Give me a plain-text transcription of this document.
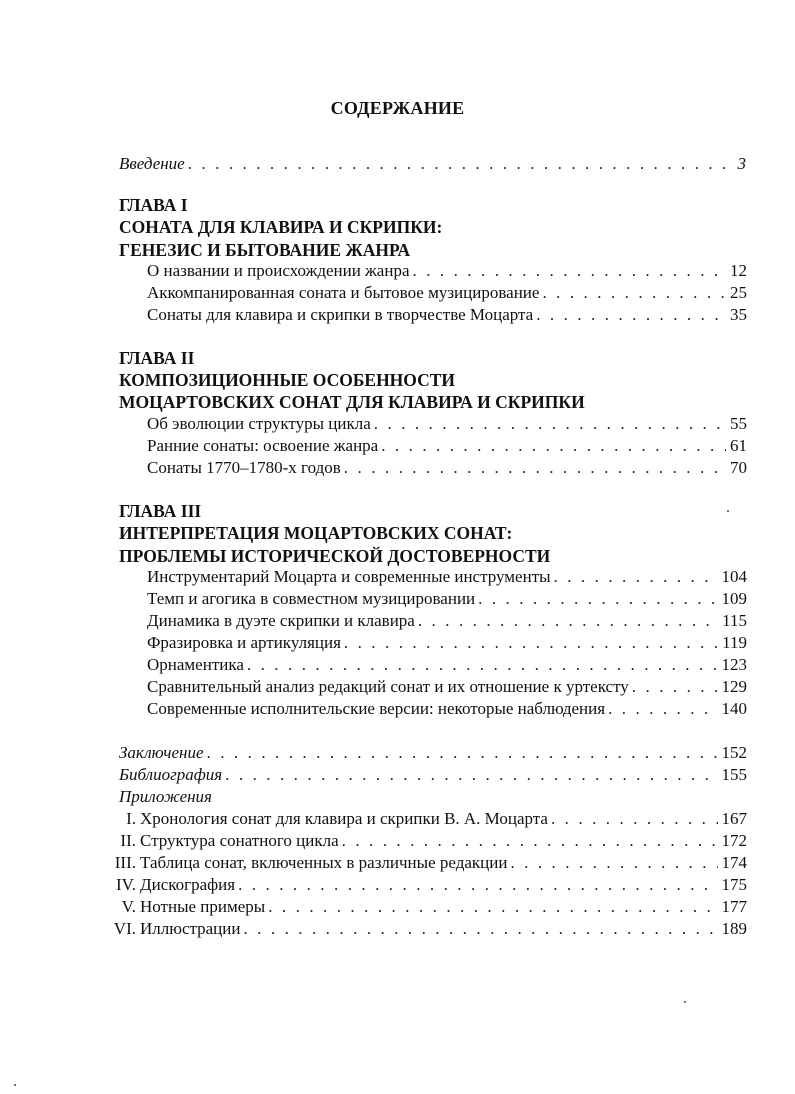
СОДЕРЖАНИЕ
Введение . . .	3
ГЛАВА I
СОНАТА ДЛЯ КЛАВИРА И СКРИПКИ:
ГЕНЕЗИС И БЫТОВАНИЕ ЖАНРА
О названии и происхождении жанра . . .	12
Аккомпанированная соната и бытовое музицирование . . .	25
Сонаты для клавира и скрипки в творчестве Моцарта . . .	35
ГЛАВА II
КОМПОЗИЦИОННЫЕ ОСОБЕННОСТИ
МОЦАРТОВСКИХ СОНАТ ДЛЯ КЛАВИРА И СКРИПКИ
Об эволюции структуры цикла . . .	55
Ранние сонаты: освоение жанра . . .	61
Сонаты 1770–1780-х годов . . .	70
ГЛАВА III
ИНТЕРПРЕТАЦИЯ МОЦАРТОВСКИХ СОНАТ:
ПРОБЛЕМЫ ИСТОРИЧЕСКОЙ ДОСТОВЕРНОСТИ
Инструментарий Моцарта и современные инструменты . . .	104
Темп и агогика в совместном музицировании . . .	109
Динамика в дуэте скрипки и клавира . . .	115
Фразировка и артикуляция . . .	119
Орнаментика . . .	123
Сравнительный анализ редакций сонат и их отношение к уртексту . . .	129
Современные исполнительские версии: некоторые наблюдения . . .	140
Заключение . . .	152
Библиография . . .	155
Приложения
I. Хронология сонат для клавира и скрипки В. А. Моцарта . . .	167
II. Структура сонатного цикла . . .	172
III. Таблица сонат, включенных в различные редакции . . .	174
IV. Дискография . . .	175
V. Нотные примеры . . .	177
VI. Иллюстрации . . .	189
